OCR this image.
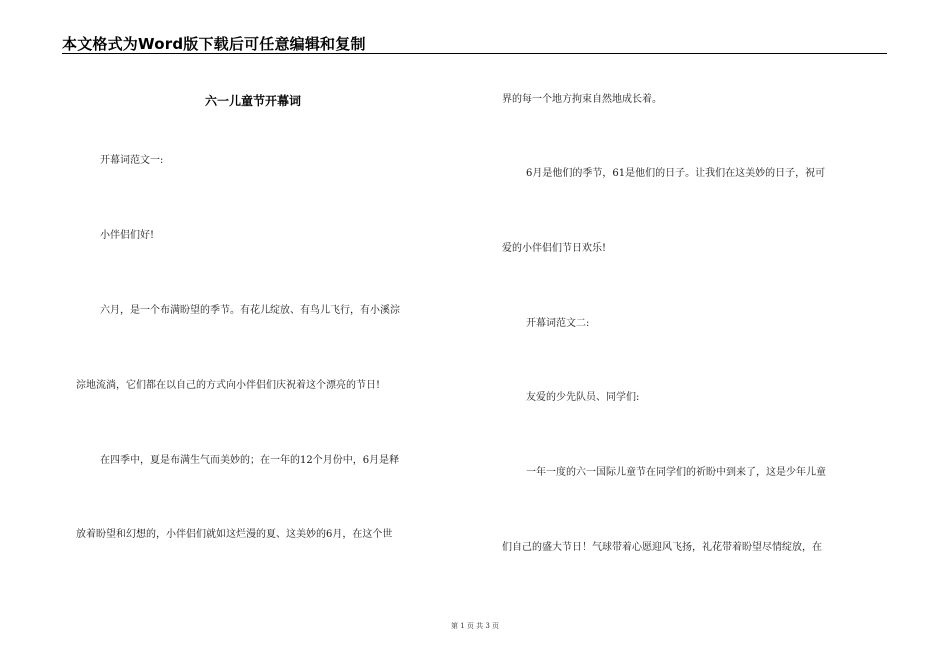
本文格式为Word版下载后可任意编辑和复制
六一儿童节开幕词
开幕词范文一:
小伴侣们好!
六月，是一个布满盼望的季节。有花儿绽放、有鸟儿飞行，有小溪淙
淙地流淌，它们都在以自己的方式向小伴侣们庆祝着这个漂亮的节日!
在四季中，夏是布满生气而美妙的；在一年的12个月份中，6月是释
放着盼望和幻想的，小伴侣们就如这烂漫的夏、这美妙的6月，在这个世
界的每一个地方拘束自然地成长着。
6月是他们的季节，61是他们的日子。让我们在这美妙的日子，祝可
爱的小伴侣们节日欢乐!
开幕词范文二:
友爱的少先队员、同学们:
一年一度的六一国际儿童节在同学们的祈盼中到来了，这是少年儿童
们自己的盛大节日！气球带着心愿迎风飞扬，礼花带着盼望尽情绽放，在
第 1 页 共 3 页
